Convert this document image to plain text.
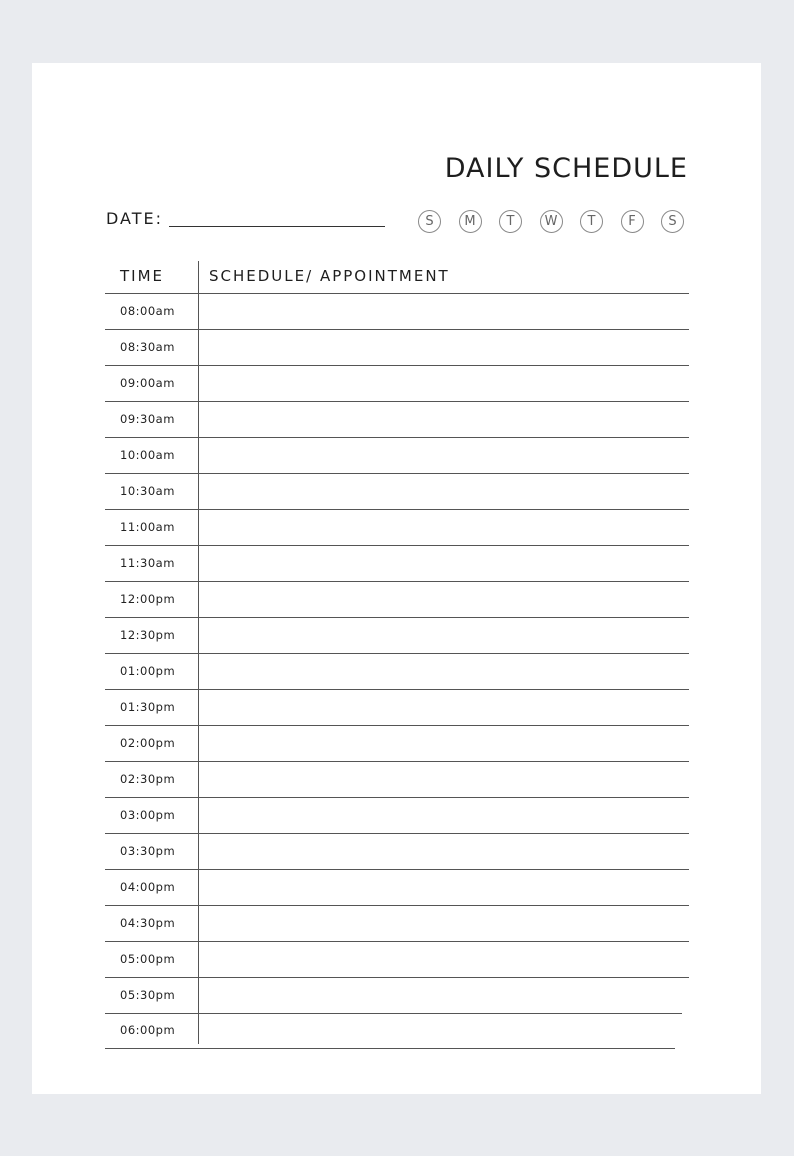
DAILY SCHEDULE
DATE:	S	M	T	W	T	F	S
TIME	SCHEDULE/ APPOINTMENT
08:00am
08:30am
09:00am
09:30am
10:00am
10:30am
11:00am
11:30am
12:00pm
12:30pm
01:00pm
01:30pm
02:00pm
02:30pm
03:00pm
03:30pm
04:00pm
04:30pm
05:00pm
05:30pm
06:00pm
